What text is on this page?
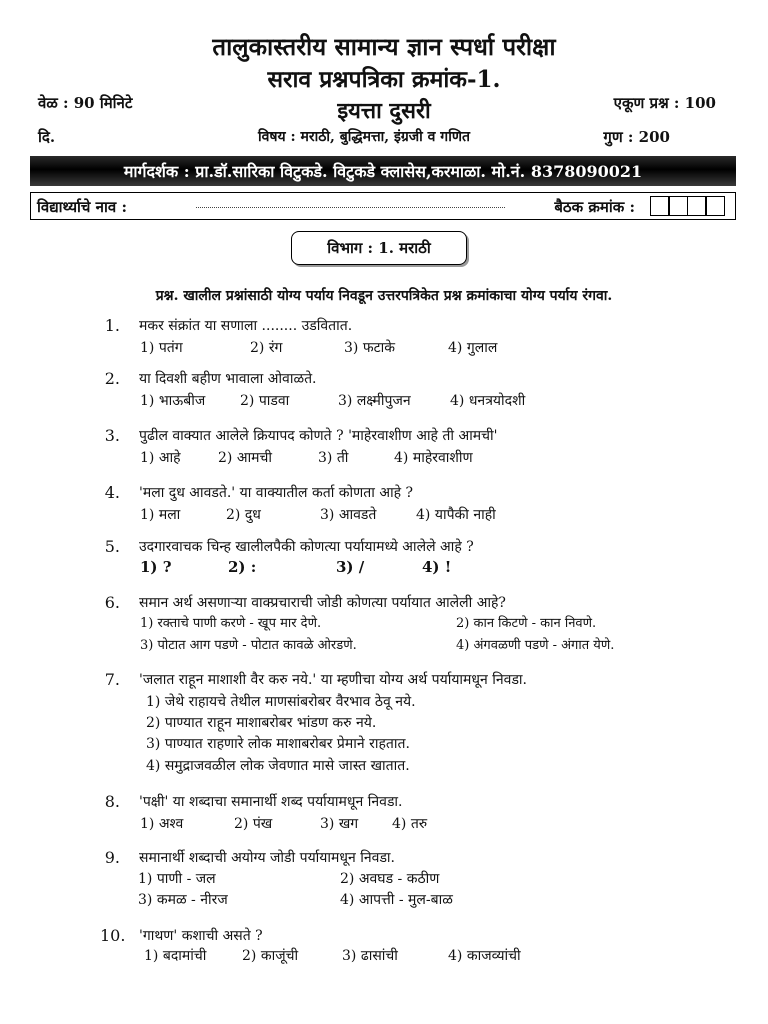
तालुकास्तरीय सामान्य ज्ञान स्पर्धा परीक्षा
सराव प्रश्नपत्रिका क्रमांक-1.
वेळ : 90 मिनिटे	इयत्ता दुसरी	एकूण प्रश्न : 100
दि.	विषय : मराठी, बुद्धिमत्ता, इंग्रजी व गणित	गुण : 200
मार्गदर्शक : प्रा.डॉ.सारिका विटुकडे. विटुकडे क्लासेस,करमाळा. मो.नं. 8378090021
विद्यार्थ्याचे नाव :	बैठक क्रमांक :
विभाग : 1. मराठी
प्रश्न. खालील प्रश्नांसाठी योग्य पर्याय निवडून उत्तरपत्रिकेत प्रश्न क्रमांकाचा योग्य पर्याय रंगवा.
1. मकर संक्रांत या सणाला ........ उडवितात.
1) पतंग	2) रंग	3) फटाके	4) गुलाल
2. या दिवशी बहीण भावाला ओवाळते.
1) भाऊबीज	2) पाडवा	3) लक्ष्मीपुजन	4) धनत्रयोदशी
3. पुढील वाक्यात आलेले क्रियापद कोणते ? 'माहेरवाशीण आहे ती आमची'
1) आहे	2) आमची	3) ती	4) माहेरवाशीण
4. 'मला दुध आवडते.' या वाक्यातील कर्ता कोणता आहे ?
1) मला	2) दुध	3) आवडते	4) यापैकी नाही
5. उदगारवाचक चिन्ह खालीलपैकी कोणत्या पर्यायामध्ये आलेले आहे ?
1) ?	2) :	3) /	4) !
6. समान अर्थ असणाऱ्या वाक्प्रचाराची जोडी कोणत्या पर्यायात आलेली आहे?
1) रक्ताचे पाणी करणे - खूप मार देणे.	2) कान किटणे - कान निवणे.
3) पोटात आग पडणे - पोटात कावळे ओरडणे.	4) अंगवळणी पडणे - अंगात येणे.
7. 'जलात राहून माशाशी वैर करु नये.' या म्हणीचा योग्य अर्थ पर्यायामधून निवडा.
1) जेथे राहायचे तेथील माणसांबरोबर वैरभाव ठेवू नये.
2) पाण्यात राहून माशाबरोबर भांडण करु नये.
3) पाण्यात राहणारे लोक माशाबरोबर प्रेमाने राहतात.
4) समुद्राजवळील लोक जेवणात मासे जास्त खातात.
8. 'पक्षी' या शब्दाचा समानार्थी शब्द पर्यायामधून निवडा.
1) अश्व	2) पंख	3) खग	4) तरु
9. समानार्थी शब्दाची अयोग्य जोडी पर्यायामधून निवडा.
1) पाणी - जल	2) अवघड - कठीण
3) कमळ - नीरज	4) आपत्ती - मुल-बाळ
10. 'गाथण' कशाची असते ?
1) बदामांची	2) काजूंची	3) ढासांची	4) काजव्यांची
